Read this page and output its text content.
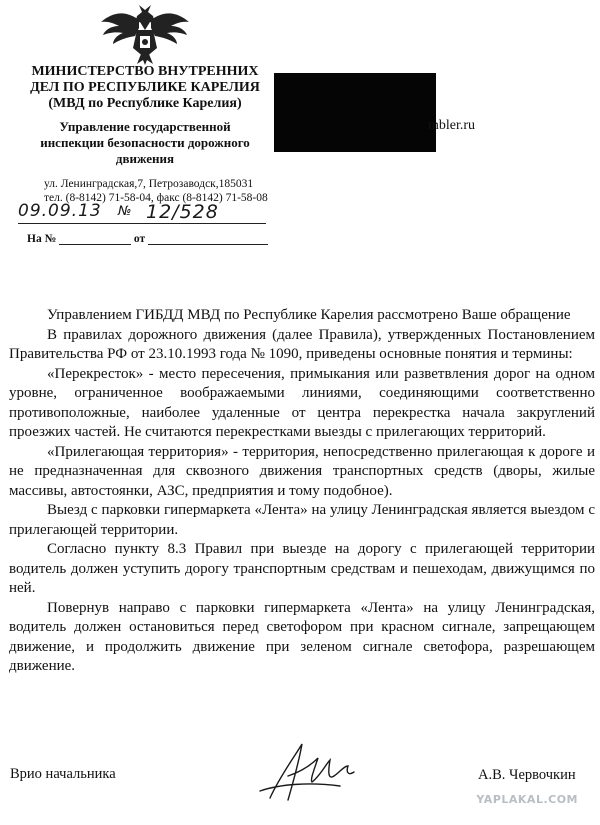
МИНИСТЕРСТВО ВНУТРЕННИХ
ДЕЛ ПО РЕСПУБЛИКЕ КАРЕЛИЯ
(МВД по Республике Карелия)
Управление государственной
инспекции безопасности дорожного
движения
ул. Ленинградская,7, Петрозаводск,185031
тел. (8-8142) 71-58-04, факс (8-8142) 71-58-08
09.09.13 № 12/528
На №	от
mbler.ru

Управлением ГИБДД МВД по Республике Карелия рассмотрено Ваше обращение

В правилах дорожного движения (далее Правила), утвержденных Постановлением Правительства РФ от 23.10.1993 года № 1090, приведены основные понятия и термины:

«Перекресток» - место пересечения, примыкания или разветвления дорог на одном уровне, ограниченное воображаемыми линиями, соединяющими соответственно противоположные, наиболее удаленные от центра перекрестка начала закруглений проезжих частей. Не считаются перекрестками выезды с прилегающих территорий.

«Прилегающая территория» - территория, непосредственно прилегающая к дороге и не предназначенная для сквозного движения транспортных средств (дворы, жилые массивы, автостоянки, АЗС, предприятия и тому подобное).

Выезд с парковки гипермаркета «Лента» на улицу Ленинградская является выездом с прилегающей территории.

Согласно пункту 8.3 Правил при выезде на дорогу с прилегающей территории водитель должен уступить дорогу транспортным средствам и пешеходам, движущимся по ней.

Повернув направо с парковки гипермаркета «Лента» на улицу Ленинградская, водитель должен остановиться перед светофором при красном сигнале, запрещающем движение, и продолжить движение при зеленом сигнале светофора, разрешающем движение.

Врио начальника	А.В. Червочкин
YAPLAKAL.COM
